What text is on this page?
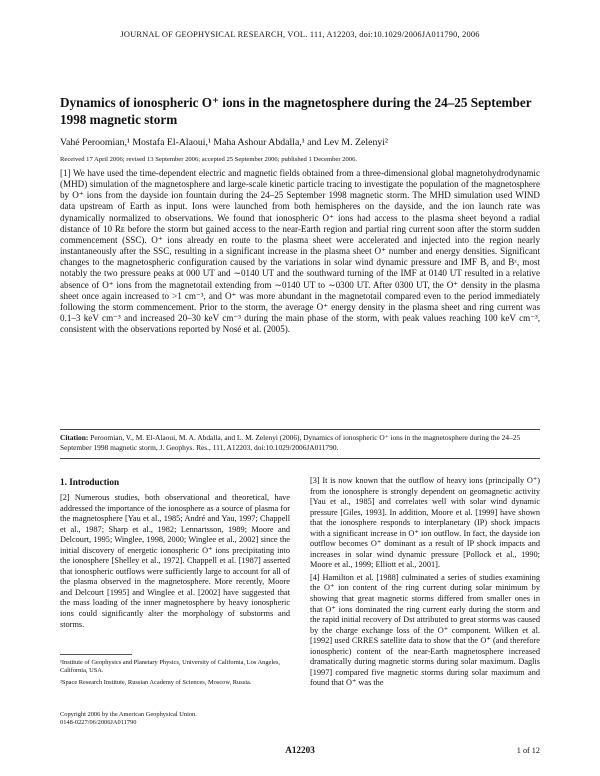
JOURNAL OF GEOPHYSICAL RESEARCH, VOL. 111, A12203, doi:10.1029/2006JA011790, 2006
Dynamics of ionospheric O⁺ ions in the magnetosphere during the 24–25 September 1998 magnetic storm
Vahé Peroomian,¹ Mostafa El-Alaoui,¹ Maha Ashour Abdalla,¹ and Lev M. Zelenyi²
Received 17 April 2006; revised 13 September 2006; accepted 25 September 2006; published 1 December 2006.

[1] We have used the time-dependent electric and magnetic fields obtained from a three-dimensional global magnetohydrodynamic (MHD) simulation of the magnetosphere and large-scale kinetic particle tracing to investigate the population of the magnetosphere by O⁺ ions from the dayside ion fountain during the 24–25 September 1998 magnetic storm. The MHD simulation used WIND data upstream of Earth as input. Ions were launched from both hemispheres on the dayside, and the ion launch rate was dynamically normalized to observations. We found that ionospheric O⁺ ions had access to the plasma sheet beyond a radial distance of 10 Rᴇ before the storm but gained access to the near-Earth region and partial ring current soon after the storm sudden commencement (SSC). O⁺ ions already en route to the plasma sheet were accelerated and injected into the region nearly instantaneously after the SSC, resulting in a significant increase in the plasma sheet O⁺ number and energy densities. Significant changes to the magnetospheric configuration caused by the variations in solar wind dynamic pressure and IMF Bᵧ and Bᶻ, most notably the two pressure peaks at 000 UT and ∼0140 UT and the southward turning of the IMF at 0140 UT resulted in a relative absence of O⁺ ions from the magnetotail extending from ∼0140 UT to ∼0300 UT. After 0300 UT, the O⁺ density in the plasma sheet once again increased to >1 cm⁻³, and O⁺ was more abundant in the magnetotail compared even to the period immediately following the storm commencement. Prior to the storm, the average O⁺ energy density in the plasma sheet and ring current was 0.1–3 keV cm⁻³ and increased 20–30 keV cm⁻³ during the main phase of the storm, with peak values reaching 100 keV cm⁻³, consistent with the observations reported by Nosé et al. (2005).

Citation: Peroomian, V., M. El-Alaoui, M. A. Abdalla, and L. M. Zelenyi (2006), Dynamics of ionospheric O⁺ ions in the magnetosphere during the 24–25 September 1998 magnetic storm, J. Geophys. Res., 111, A12203, doi:10.1029/2006JA011790.

1. Introduction

[2] Numerous studies, both observational and theoretical, have addressed the importance of the ionosphere as a source of plasma for the magnetosphere [Yau et al., 1985; André and Yau, 1997; Chappell et al., 1987; Sharp et al., 1982; Lennartsson, 1989; Moore and Delcourt, 1995; Winglee, 1998, 2000; Winglee et al., 2002] since the initial discovery of energetic ionospheric O⁺ ions precipitating into the ionosphere [Shelley et al., 1972]. Chappell et al. [1987] asserted that ionospheric outflows were sufficiently large to account for all of the plasma observed in the magnetosphere. More recently, Moore and Delcourt [1995] and Winglee et al. [2002] have suggested that the mass loading of the inner magnetosphere by heavy ionospheric ions could significantly alter the morphology of substorms and storms.

[3] It is now known that the outflow of heavy ions (principally O⁺) from the ionosphere is strongly dependent on geomagnetic activity [Yau et al., 1985] and correlates well with solar wind dynamic pressure [Giles, 1993]. In addition, Moore et al. [1999] have shown that the ionosphere responds to interplanetary (IP) shock impacts with a significant increase in O⁺ ion outflow. In fact, the dayside ion outflow becomes O⁺ dominant as a result of IP shock impacts and increases in solar wind dynamic pressure [Pollock et al., 1990; Moore et al., 1999; Elliott et al., 2001].

[4] Hamilton et al. [1988] culminated a series of studies examining the O⁺ ion content of the ring current during solar minimum by showing that great magnetic storms differed from smaller ones in that O⁺ ions dominated the ring current early during the storm and the rapid initial recovery of Dst attributed to great storms was caused by the charge exchange loss of the O⁺ component. Wilken et al. [1992] used CRRES satellite data to show that the O⁺ (and therefore ionospheric) content of the near-Earth magnetosphere increased dramatically during magnetic storms during solar maximum. Daglis [1997] compared five magnetic storms during solar maximum and found that O⁺ was the

¹Institute of Geophysics and Planetary Physics, University of California, Los Angeles, California, USA.

²Space Research Institute, Russian Academy of Sciences, Moscow, Russia.

Copyright 2006 by the American Geophysical Union.
0148-0227/06/2006JA011790
A12203	1 of 12
